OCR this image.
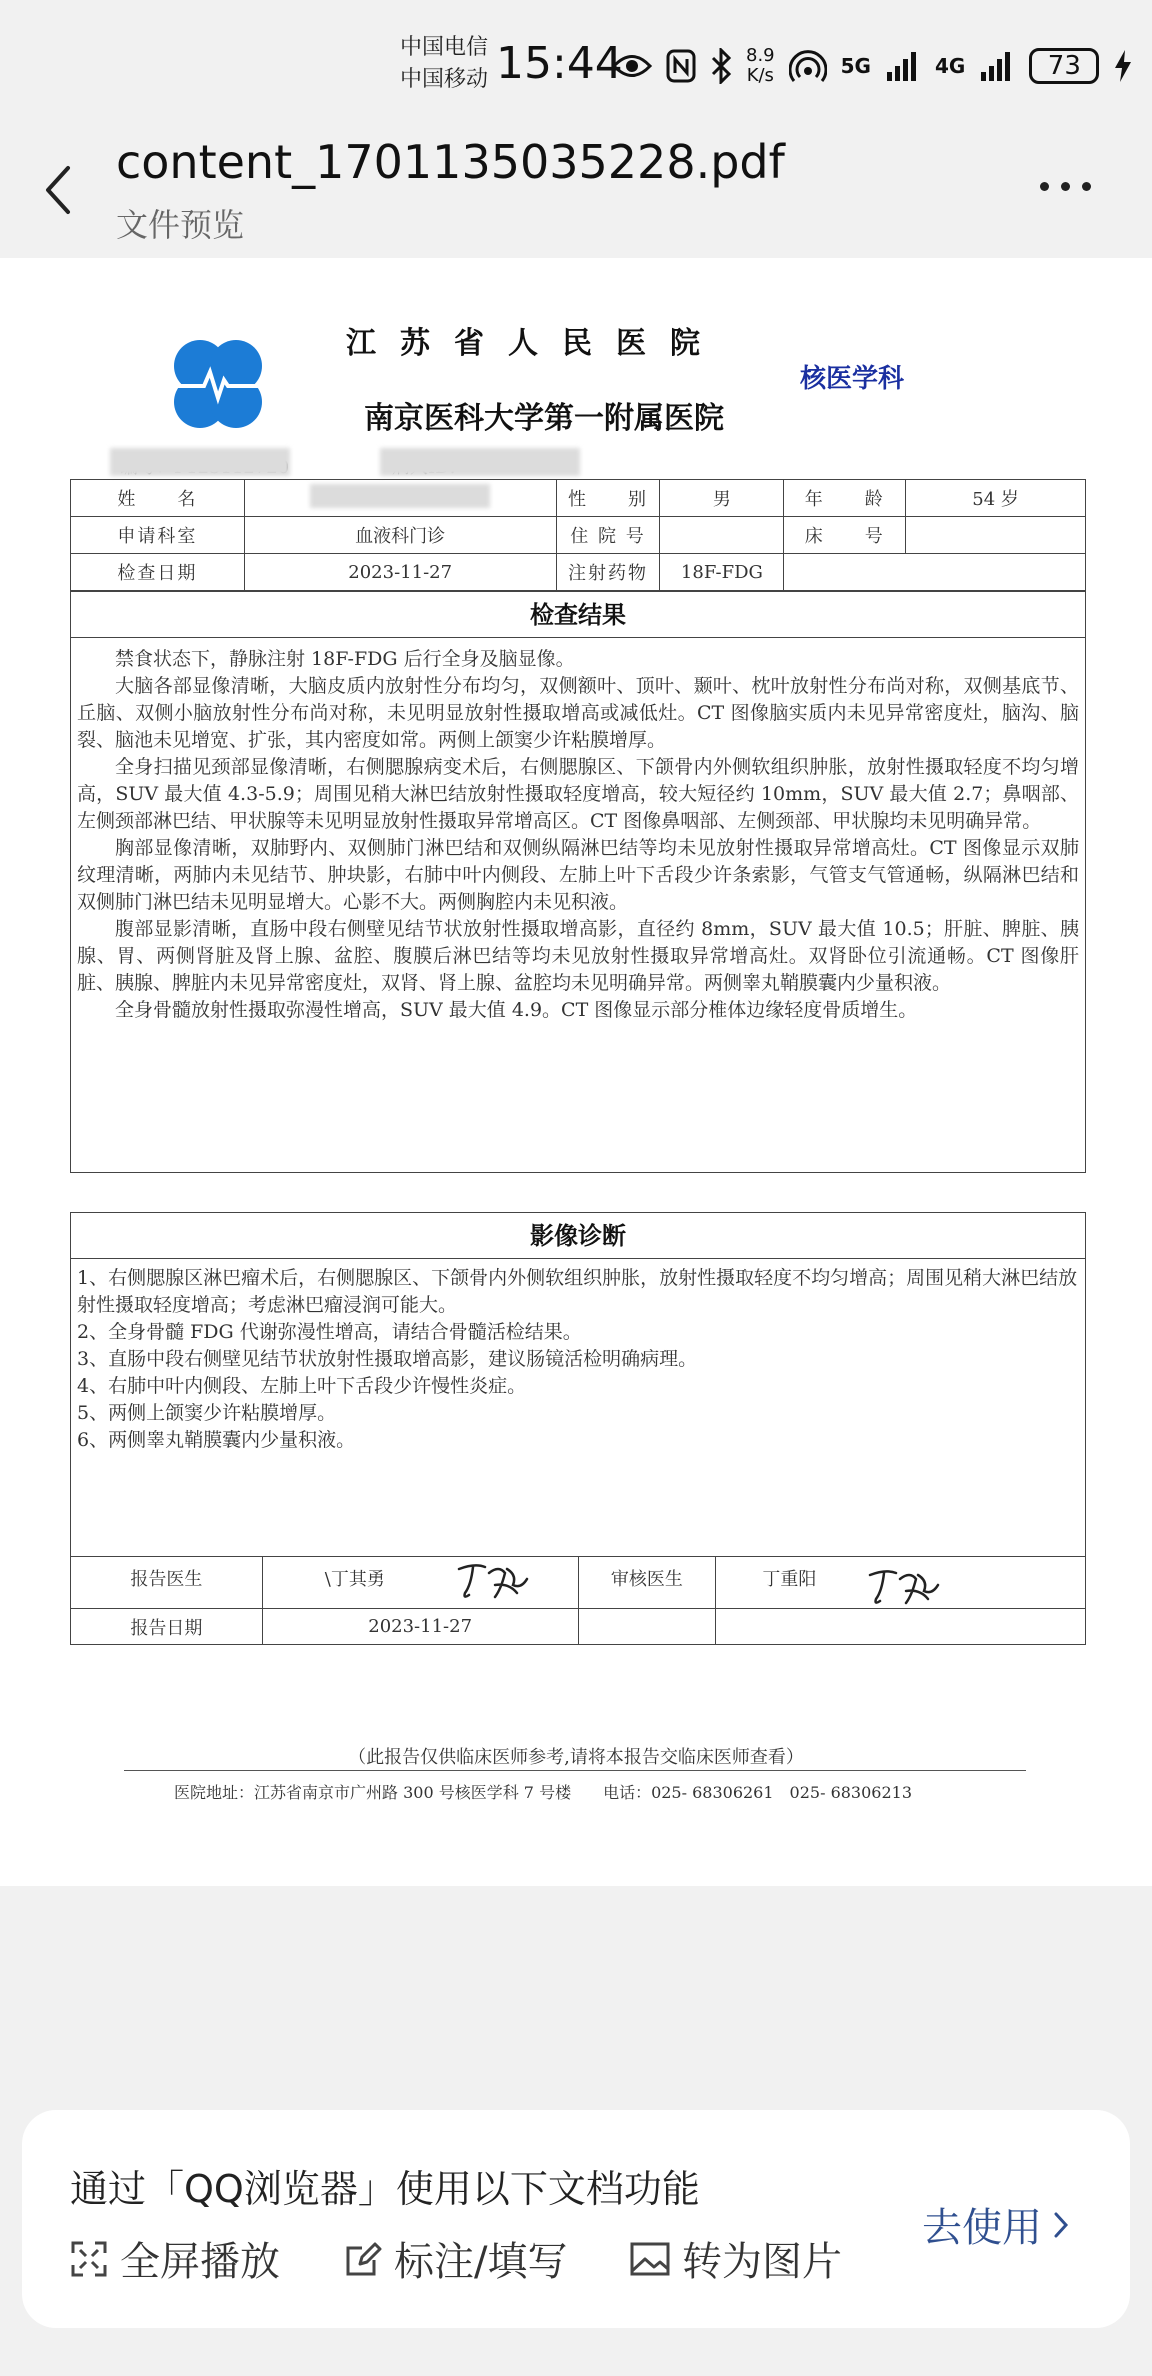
中国电信
中国移动 15:44	8.9
K/s	5G	4G	73
content_1701135035228.pdf
文件预览
江苏省人民医院
核医学科
南京医科大学第一附属医院
姓　　名		性　　别	男	年　　龄	54 岁
申请科室	血液科门诊	住 院 号		床　　号	
检查日期	2023-11-27	注射药物	18F-FDG		
检查结果

禁食状态下，静脉注射 18F-FDG 后行全身及脑显像。

大脑各部显像清晰，大脑皮质内放射性分布均匀，双侧额叶、顶叶、颞叶、枕叶放射性分布尚对称，双侧基底节、丘脑、双侧小脑放射性分布尚对称，未见明显放射性摄取增高或减低灶。CT 图像脑实质内未见异常密度灶，脑沟、脑裂、脑池未见增宽、扩张，其内密度如常。两侧上颌窦少许粘膜增厚。

全身扫描见颈部显像清晰，右侧腮腺病变术后，右侧腮腺区、下颌骨内外侧软组织肿胀，放射性摄取轻度不均匀增高，SUV 最大值 4.3-5.9；周围见稍大淋巴结放射性摄取轻度增高，较大短径约 10mm，SUV 最大值 2.7；鼻咽部、左侧颈部淋巴结、甲状腺等未见明显放射性摄取异常增高区。CT 图像鼻咽部、左侧颈部、甲状腺均未见明确异常。

胸部显像清晰，双肺野内、双侧肺门淋巴结和双侧纵隔淋巴结等均未见放射性摄取异常增高灶。CT 图像显示双肺纹理清晰，两肺内未见结节、肿块影，右肺中叶内侧段、左肺上叶下舌段少许条索影，气管支气管通畅，纵隔淋巴结和双侧肺门淋巴结未见明显增大。心影不大。两侧胸腔内未见积液。

腹部显影清晰，直肠中段右侧壁见结节状放射性摄取增高影，直径约 8mm，SUV 最大值 10.5；肝脏、脾脏、胰腺、胃、两侧肾脏及肾上腺、盆腔、腹膜后淋巴结等均未见放射性摄取异常增高灶。双肾卧位引流通畅。CT 图像肝脏、胰腺、脾脏内未见异常密度灶，双肾、肾上腺、盆腔均未见明确异常。两侧睾丸鞘膜囊内少量积液。

全身骨髓放射性摄取弥漫性增高，SUV 最大值 4.9。CT 图像显示部分椎体边缘轻度骨质增生。

影像诊断
1、右侧腮腺区淋巴瘤术后，右侧腮腺区、下颌骨内外侧软组织肿胀，放射性摄取轻度不均匀增高；周围见稍大淋巴结放射性摄取轻度增高；考虑淋巴瘤浸润可能大。
2、全身骨髓 FDG 代谢弥漫性增高，请结合骨髓活检结果。
3、直肠中段右侧壁见结节状放射性摄取增高影，建议肠镜活检明确病理。
4、右肺中叶内侧段、左肺上叶下舌段少许慢性炎症。
5、两侧上颌窦少许粘膜增厚。
6、两侧睾丸鞘膜囊内少量积液。
报告医生	\丁其勇	审核医生	丁重阳

报告日期	2023-11-27		
（此报告仅供临床医师参考,请将本报告交临床医师查看）
医院地址：江苏省南京市广州路 300 号核医学科 7 号楼　　电话：025- 68306261　025- 68306213
通过「QQ浏览器」使用以下文档功能
全屏播放	标注/填写	转为图片
去使用
